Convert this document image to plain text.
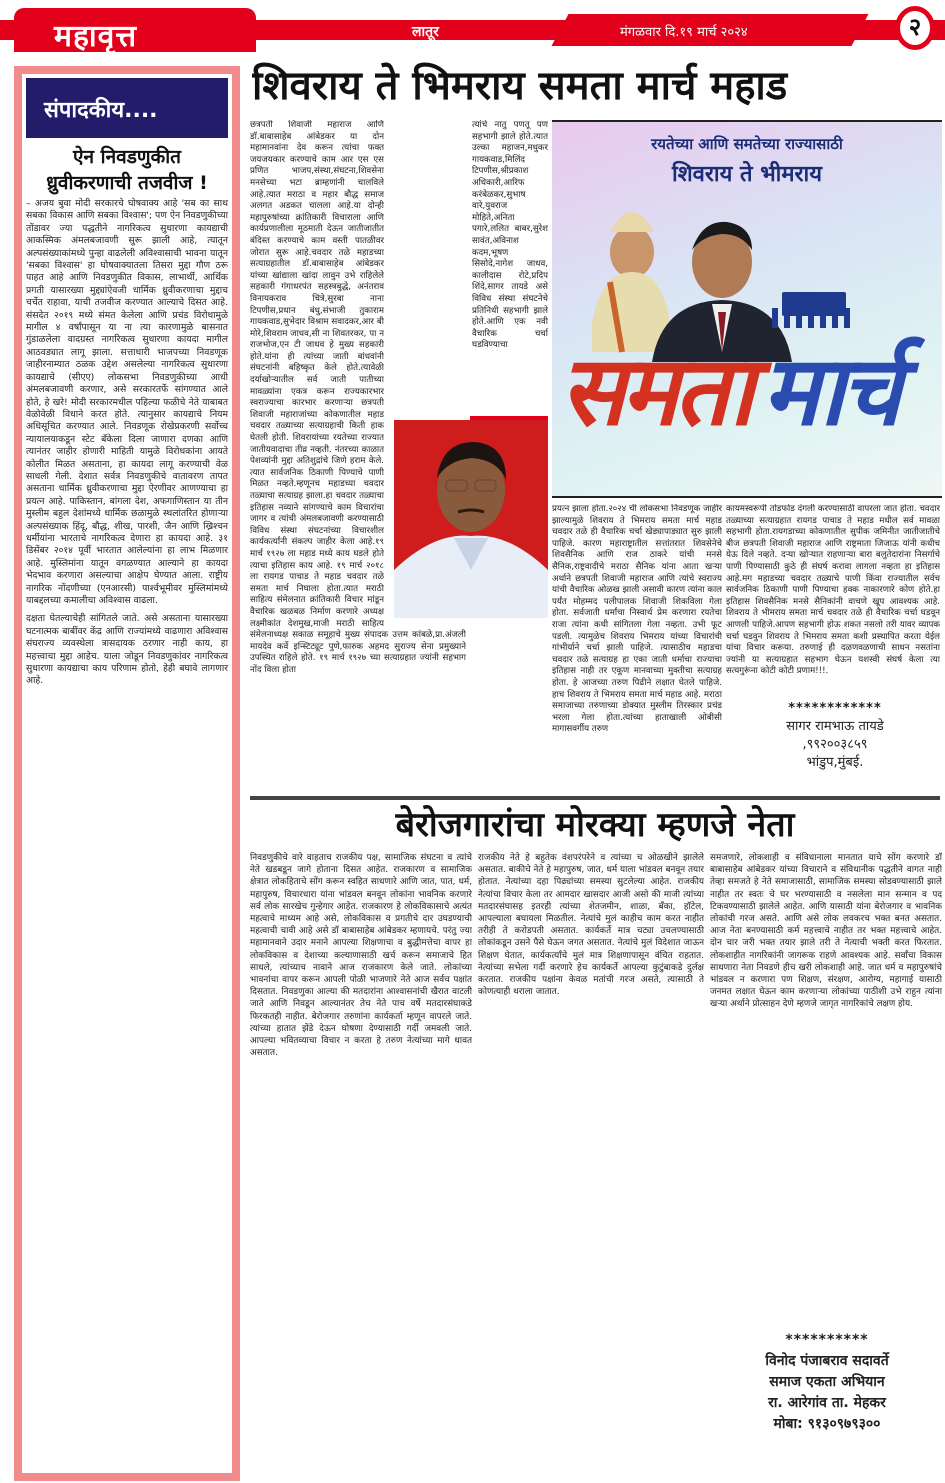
महावृत्त	लातूर	मंगळवार दि.१९ मार्च २०२४	२
संपादकीय....
ऐन निवडणुकीत
ध्रुवीकरणाची तजवीज !

– अजय बुवा मोदी सरकारचे घोषवाक्य आहे 'सब का साथ सबका विकास आणि सबका विश्वास'; पण ऐन निवडणुकीच्या तोंडावर ज्या पद्धतीने नागरिकत्व सुधारणा कायद्याची आकस्मिक अंमलबजावणी सुरू झाली आहे, त्यातून अल्पसंख्याकांमध्ये पुन्हा वाढलेली अविश्वासाची भावना यातून 'सबका विश्वास' हा घोषवाक्यातला तिसरा मुद्दा गौण ठरू पाहत आहे आणि निवडणुकीत विकास, लाभार्थी, आर्थिक प्रगती यासारख्या मुद्द्यांऐवजी धार्मिक ध्रुवीकरणाचा मुद्दाच चर्चेत राहावा, याची तजवीज करण्यात आल्याचे दिसत आहे. संसदेत २०१९ मध्ये संमत केलेला आणि प्रचंड विरोधामुळे मागील ४ वर्षांपासून या ना त्या कारणामुळे बासनात गुंडाळलेला वादग्रस्त नागरिकत्व सुधारणा कायदा मागील आठवड्यात लागू झाला. सत्ताधारी भाजपच्या निवडणूक जाहीरनाम्यात ठळक उद्देश असलेल्या नागरिकत्व सुधारणा कायद्याचे (सीएए) लोकसभा निवडणुकीच्या आधी अंमलबजावणी करणार, असे सरकारतर्फे सांगण्यात आले होते, हे खरे! मोदी सरकारमधील पहिल्या फळीचे नेते याबाबत वेळोवेळी विधाने करत होते. त्यानुसार कायद्याचे नियम अधिसूचित करण्यात आले. निवडणूक रोखेप्रकरणी सर्वोच्च न्यायालयाकडून स्टेट बँकेला दिला जाणारा दणका आणि त्यानंतर जाहीर होणारी माहिती यामुळे विरोधकांना आयते कोलीत मिळत असताना, हा कायदा लागू करण्याची वेळ साधली गेली. देशात सर्वत्र निवडणुकीचे वातावरण तापत असताना धार्मिक ध्रुवीकरणाचा मुद्दा ऐरणीवर आणण्याचा हा प्रयत्न आहे. पाकिस्तान, बांगला देश, अफगाणिस्तान या तीन मुस्लीम बहुल देशांमध्ये धार्मिक छळामुळे स्थलांतरित होणाऱ्या अल्पसंख्याक हिंदू, बौद्ध, शीख, पारशी, जैन आणि ख्रिश्चन धर्मीयांना भारताचे नागरिकत्व देणारा हा कायदा आहे. ३१ डिसेंबर २०१४ पूर्वी भारतात आलेल्यांना हा लाभ मिळणार आहे. मुस्लिमांना यातून वगळण्यात आल्याने हा कायदा भेदभाव करणारा असल्याचा आक्षेप घेण्यात आला. राष्ट्रीय नागरिक नोंदणीच्या (एनआरसी) पार्श्वभूमीवर मुस्लिमांमध्ये याबद्दलच्या कमालीचा अविश्वास वाढला.

दक्षता घेतल्याचेही सांगितले जाते. असे असताना यासारख्या घटनात्मक बाबींवर केंद्र आणि राज्यांमध्ये वाढणारा अविश्वास संघराज्य व्यवस्थेला त्रासदायक ठरणार नाही काय, हा महत्त्वाचा मुद्दा आहेच. याला जोडून निवडणुकांवर नागरिकत्व सुधारणा कायद्याचा काय परिणाम होतो, हेही बघावे लागणार आहे.

शिवराय ते भिमराय समता मार्च महाड
छत्रपती शिवाजी महाराज आणि डॉ.बाबासाहेब आंबेडकर या दोन महामानवांना देव करून त्यांचा फक्त जयजयकार करण्याचे काम आर एस एस प्रणित भाजप,संस्था,संघटना,शिवसेना मनसेच्या भटा ब्राम्हणांनी चालविले आहे.त्यात मराठा व महार बौद्ध समाज अलगत अडकत चालला आहे.या दोन्ही महापुरुषांच्या क्रांतिकारी विचाराला आणि कार्यप्रणालीला मूठमाती देऊन जातीजातीत बंदिस्त करण्याचे काम वस्ती पातळीवर जोरात सुरू आहे.चवदार तळे महाडच्या सत्याग्रहातील डॉ.बाबासाहेब आंबेडकर यांच्या खांद्याला खांदा लावुन उभे राहिलेले सहकारी गंगाधरपंत सहस्त्रबुद्धे, अनंतराव विनायकराव चित्रे,सुरबा नाना टिपणीस,प्रधान बंधु,संभाजी तुकाराम गायकवाड,सुभेदार विश्राम सवादकर,आर बी मोरे,शिवराम जाधव,सी ना शिवतरकर, पा न राजभोज,एन टी जाधव हे मुख्य सहकारी होते.यांना ही त्यांच्या जाती बांधवांनी संघटनांनी बहिष्कृत केले होते.त्यावेळी दर्याखोऱ्यातील सर्व जाती पातीच्या मावळ्यांना एकत्र करून राज्यकारभार स्वराज्याचा कारभार करणाऱ्या छत्रपती शिवाजी महाराजांच्या कोकणातील महाड चवदार तळ्याच्या सत्याग्रहाची किती हाक घेतली होती. शिवरायांच्या रयतेच्या राज्यात जातीयवादाचा तीव्र नव्हती. नंतरच्या काळात पेशव्यांनी मुद्दा अतिशुद्रांचे जिणे हराम केले. त्यात सार्वजनिक ठिकाणी पिण्याचे पाणी मिळत नव्हते.म्हणूनच महाडच्या चवदार तळ्याचा सत्याग्रह झाला.हा चवदार तळ्याचा इतिहास नव्याने सांगण्याचे काम विचारांचा जागर व त्यांची अंमलबजावणी करण्यासाठी विविध संस्था संघटनांच्या विचारशील कार्यकर्त्यांनी संकल्प जाहीर केला आहे.१९ मार्च १९२७ ला महाड मध्ये काय घडले होते त्याचा इतिहास काय आहे. १९ मार्च २०१८ ला रायगड पाचाड ते महाड चवदार तळे समता मार्च निघाला होता.त्यात मराठी साहित्य संमेलनात क्रांतिकारी विचार मांडून वैचारिक खळबळ निर्माण करणारे अध्यक्ष लक्ष्मीकांत देशमुख,माजी मराठी साहित्य संमेलनाध्यक्ष सकाळ समूहाचे मुख्य संपादक उत्तम कांबळे,प्रा.अंजली मायदेव कर्वे इन्स्टिट्यूट पुणे,फारुक अहमद सुराज्य सेना प्रमुख्याने उपस्थित राहिले होते. १९ मार्च १९२७ च्या सत्याग्रहात ज्यांनी सहभाग नोंद विला होता
त्यांचे नातु पणतू पण सहभागी झाले होते.त्यात उल्का महाजन,मधुकर गायकवाड,मिलिंद टिपणीस,श्रीप्रकाश अधिकारी,आरिफ करंबेळकर,सुभाष वारे,युवराज मोहिते,अनिता पगारे,ललित बाबर,सुरेश सावंत,अविनाश कदम,भूषण सिसोदे,नागेश जाधव, कालीदास रोटे,प्रदिप शिंदे,सागर तायडे असे विविध संस्था संघटनेचे प्रतिनिधी सहभागी झाले होते.आणि एक नवी वैचारिक चर्चा घडविण्याचा
रयतेच्या आणि समतेच्या राज्यासाठी
शिवराय ते भीमराय
समता मार्च
प्रयत्न झाला होता.२०२४ ची लोकसभा निवडणूक जाहीर झाल्यामुळे शिवराय ते भिमराय समता मार्च महाड चवदार तळे ही वैचारिक चर्चा खेड्यापाड्यात सुरु झाली पाहिजे. कारण महाराष्ट्रातील सत्तांतरात शिवसेनेचे शिवसैनिक आणि राज ठाकरे यांची मनसे सैनिक,राष्ट्रवादीचे मराठा सैनिक यांना आता खऱ्या अर्थाने छत्रपती शिवाजी महाराज आणि त्यांचे स्वराज्य यांची वैचारिक ओळख झाली असावी कारण त्यांना काल पर्यंत मोहम्मद पलीपालक शिवाजी शिकविला गेला होता. सर्वजाती धर्मांचा निस्वार्थ प्रेम करणारा रयतेचा राजा त्यांना कधी सांगितला गेला नव्हता. उभी फूट पडली. त्यामुळेच शिवराय भिमराय यांच्या विचारांची गांभीर्याने चर्चा झाली पाहिजे. त्यासाठीच महाडचा चवदार तळे सत्याग्रह हा एका जाती धर्माचा राज्याचा इतिहास नाही तर एकूण मानवाच्या मुक्तीचा सत्याग्रह होता. हे आजच्या तरुण पिढीने लक्षात घेतले पाहिजे. हाच शिवराय ते भिमराय समता मार्च महाड आहे. मराठा समाजाच्या तरुणाच्या डोक्यात मुस्लीम तिरस्कार प्रचंड भरला गेला होता.त्यांच्या हाताखाली ओबीसी मागासवर्गीय तरुण
कायमस्वरूपी तोडफोड दंगली करण्यासाठी वापरला जात होता. चवदार तळ्याच्या सत्याग्रहात रायगड पाचाड ते महाड मधील सर्व मावळा सहभागी होता.रायगडाच्या कोकणातील सुपीक जमिनीत जातीजातीचे बीज छत्रपती शिवाजी महाराज आणि राष्ट्रमाता जिजाऊ यांनी कधीच येऊ दिले नव्हते. दऱ्या खोऱ्यात राहणाऱ्या बारा बलुतेदारांना निसर्गाचे पाणी पिण्यासाठी कुठे ही संघर्ष करावा लागला नव्हता हा इतिहास आहे.मग महाडच्या चवदार तळ्याचे पाणी किंवा राज्यातील सर्वच सार्वजनिक ठिकाणी पाणी पिण्याचा हक्क नाकारणारे कोण होते.हा इतिहास शिवसैनिक मनसे सैनिकांनी वाचणे खूप आवश्यक आहे. शिवराय ते भीमराय समता मार्च चवदार तळे ही वैचारिक चर्चा घडवून आणली पाहिजे.आपण सहभागी होऊ शकत नसलो तरी यावर व्यापक चर्चा घडवुन शिवराय ते भिमराय समता कशी प्रस्थापित करता येईल यांचा विचार करूया. तरुणाई ही दळणवळणाची साधन नसतांना ज्यांनी या सत्याग्रहात सहभाग घेऊन यशस्वी संघर्ष केला त्या सत्यगुरूंना कोटी कोटी प्रणाम!!!.
************
सागर रामभाऊ तायडे
,९९२००३८५९
भांडुप,मुंबई.
बेरोजगारांचा मोरक्या म्हणजे नेता
निवडणुकीचे वारे वाहताच राजकीय पक्ष, सामाजिक संघटना व त्यांचे नेते खडबडून जागे होताना दिसत आहेत. राजकारण व सामाजिक क्षेत्रात लोकहिताचे सोंग करून स्वहित साधणारे आणि जात, पात, धर्म, महापुरुष, विचारधारा यांना भांडवल बनवून लोकांना भावनिक करणारे सर्व लोक सारखेच गुन्हेगार आहेत. राजकारण हे लोकविकासाचे अत्यंत महत्वाचे माध्यम आहे असे, लोकविकास व प्रगतीचे दार उघडण्याची महत्वाची चावी आहे असे डॉ बाबासाहेब आंबेडकर म्हणायचे. परंतु ज्या महामानवाने उदार मनाने आपल्या शिक्षणाचा व बुद्धीमत्तेचा वापर हा लोकविकास व देशाच्या कल्याणासाठी खर्च करून समाजाचे हित साधले, त्यांच्याच नावाने आज राजकारण केले जाते. लोकांच्या भावनांचा वापर करून आपली पोळी भाजणारे नेते आज सर्वच पक्षांत दिसतात. निवडणुका आल्या की मतदारांना आश्वासनांची खैरात वाटली जाते आणि निवडून आल्यानंतर तेच नेते पाच वर्षे मतदारसंघाकडे फिरकतही नाहीत. बेरोजगार तरुणांना कार्यकर्ता म्हणून वापरले जाते. त्यांच्या हातात झेंडे देऊन घोषणा देण्यासाठी गर्दी जमवली जाते. आपल्या भवितव्याचा विचार न करता हे तरुण नेत्यांच्या मागे धावत असतात.
राजकीय नेते हे बहुतेक वंशपरंपरेने व त्यांच्या च ओळखीने झालेले असतात. बाकीचे नेते हे महापुरुष, जात, धर्म याला भांडवल बनवून तयार होतात. नेत्यांच्या दहा पिढ्यांच्या समस्या सुटलेल्या आहेत. राजकीय नेत्यांचा विचार केला तर आमदार खासदार आजी असो की माजी त्यांच्या मतदारसंघासह इतरही त्यांच्या शेतजमीन, शाळा, बँका, हॉटेल, आपल्याला बघायला मिळतील. नेत्यांचे मुलं काहीच काम करत नाहीत तरीही ते करोडपती असतात. कार्यकर्ते मात्र चट्या उचलण्यासाठी लोकांकडून उसने पैसे घेऊन जगत असतात. नेत्यांचे मुलं विदेशात जाऊन शिक्षण घेतात, कार्यकर्त्यांचे मुलं मात्र शिक्षणापासून वंचित राहतात. नेत्यांच्या सभेला गर्दी करणारे हेच कार्यकर्ते आपल्या कुटुंबाकडे दुर्लक्ष करतात. राजकीय पक्षांना केवळ मतांची गरज असते, त्यासाठी ते कोणत्याही थराला जातात.
समजणारे, लोकशाही व संविधानाला मानतात याचे सोंग करणारे डॉ बाबासाहेब आंबेडकर यांच्या विचाराने व संविधानीक पद्धतीने वागत नाही तेव्हा समजते हे नेते समाजासाठी, सामाजिक समस्या सोडवण्यासाठी झाले नाहीत तर स्वतः चे घर भरण्यासाठी व नसलेला मान सन्मान व पद टिकवण्यासाठी झालेले आहेत. आणि यासाठी यांना बेरोजगार व भावनिक लोकांची गरज असते. आणि असे लोक लवकरच भक्त बनत असतात. आज नेता बनण्यासाठी कर्म महत्त्वाचे नाहीत तर भक्त महत्त्वाचे आहेत. दोन चार जरी भक्त तयार झाले तरी ते नेत्याची भक्ती करत फिरतात. लोकशाहीत नागरिकांनी जागरूक राहणे आवश्यक आहे. सर्वांचा विकास साधणारा नेता निवडणे हीच खरी लोकशाही आहे. जात धर्म व महापुरुषांचे भांडवल न करणारा पण शिक्षण, संरक्षण, आरोग्य, महागाई यासाठी जनमत लक्षात घेऊन काम करणाऱ्या लोकांच्या पाठीशी उभे राहुन त्यांना खऱ्या अर्थाने प्रोत्साहन देणे म्हणजे जागृत नागरिकांचे लक्षण होय.
**********
विनोद पंजाबराव सदावर्ते
समाज एकता अभियान
रा. आरेगांव ता. मेहकर
मोबा: ९१३०९७९३००
